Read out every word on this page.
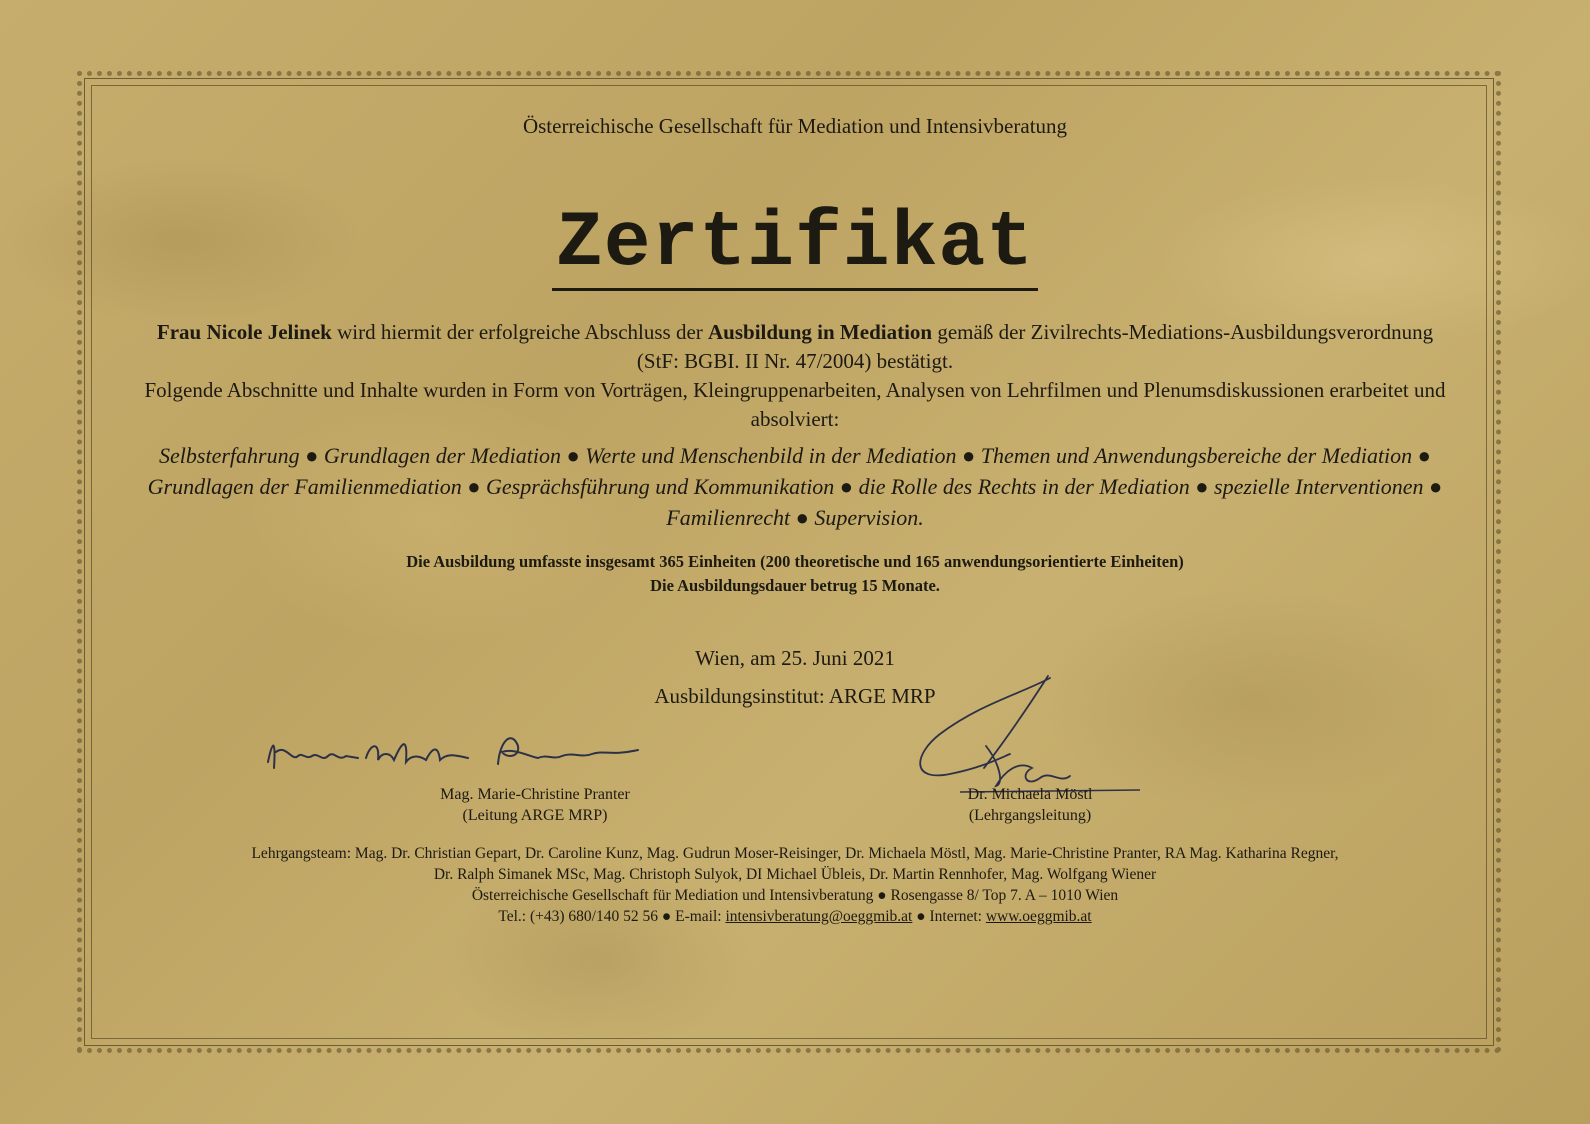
Österreichische Gesellschaft für Mediation und Intensivberatung
Zertifikat
Frau Nicole Jelinek wird hiermit der erfolgreiche Abschluss der Ausbildung in Mediation gemäß der Zivilrechts-Mediations-Ausbildungsverordnung (StF: BGBI. II Nr. 47/2004) bestätigt.
Folgende Abschnitte und Inhalte wurden in Form von Vorträgen, Kleingruppenarbeiten, Analysen von Lehrfilmen und Plenumsdiskussionen erarbeitet und absolviert:
Selbsterfahrung ● Grundlagen der Mediation ● Werte und Menschenbild in der Mediation ● Themen und Anwendungsbereiche der Mediation ● Grundlagen der Familienmediation ● Gesprächsführung und Kommunikation ● die Rolle des Rechts in der Mediation ● spezielle Interventionen ● Familienrecht ● Supervision.
Die Ausbildung umfasste insgesamt 365 Einheiten (200 theoretische und 165 anwendungsorientierte Einheiten)
Die Ausbildungsdauer betrug 15 Monate.
Wien, am 25. Juni 2021
Ausbildungsinstitut: ARGE MRP
Mag. Marie-Christine Pranter
(Leitung ARGE MRP)
Dr. Michaela Möstl
(Lehrgangsleitung)
Lehrgangsteam: Mag. Dr. Christian Gepart, Dr. Caroline Kunz, Mag. Gudrun Moser-Reisinger, Dr. Michaela Möstl, Mag. Marie-Christine Pranter, RA Mag. Katharina Regner,
Dr. Ralph Simanek MSc, Mag. Christoph Sulyok, DI Michael Übleis, Dr. Martin Rennhofer, Mag. Wolfgang Wiener
Österreichische Gesellschaft für Mediation und Intensivberatung ● Rosengasse 8/ Top 7. A – 1010 Wien
Tel.: (+43) 680/140 52 56 ● E-mail: intensivberatung@oeggmib.at ● Internet: www.oeggmib.at
